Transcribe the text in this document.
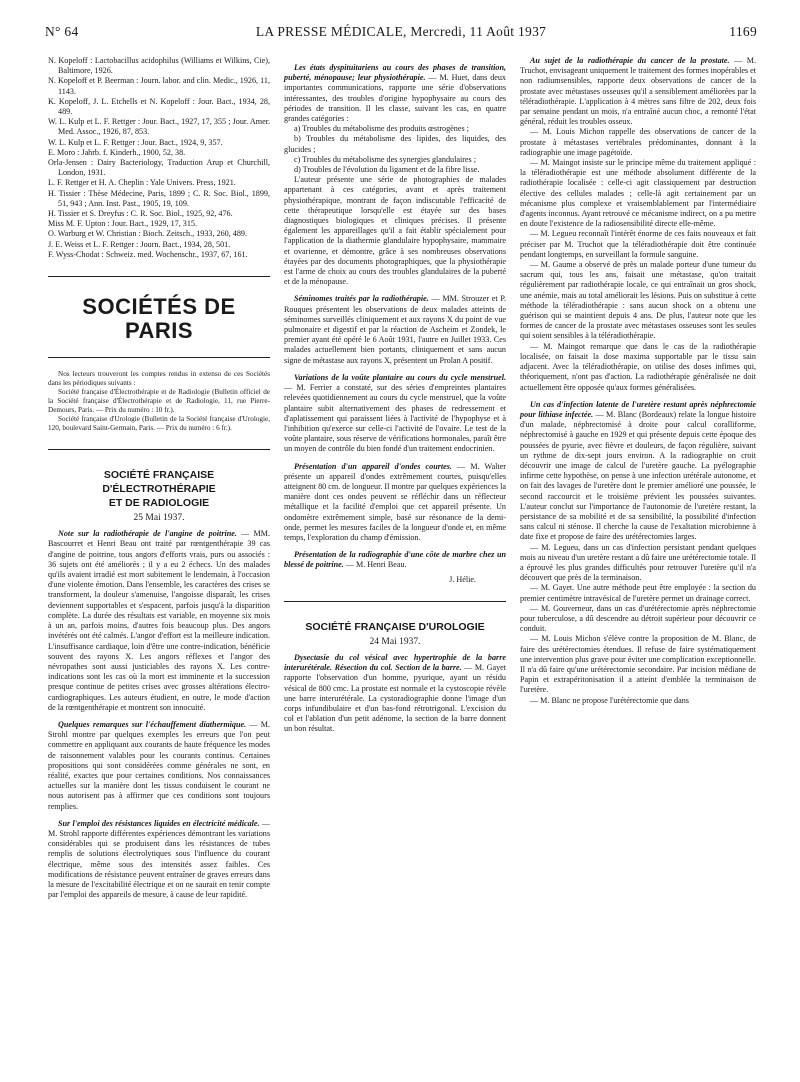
N° 64	LA PRESSE MÉDICALE, Mercredi, 11 Août 1937	1169

N. Kopeloff : Lactobacillus acidophilus (Williams et Wilkins, Cie), Baltimore, 1926.

N. Kopeloff et P. Beerman : Journ. labor. and clin. Medic., 1926, 11, 1143.

K. Kopeloff, J. L. Etchells et N. Kopeloff : Jour. Bact., 1934, 28, 489.

W. L. Kulp et L. F. Rettger : Jour. Bact., 1927, 17, 355 ; Jour. Amer. Med. Assoc., 1926, 87, 853.

W. L. Kulp et L. F. Rettger : Jour. Bact., 1924, 9, 357.

E. Moro : Jahrb. f. Kinderh., 1900, 52, 38.

Orla-Jensen : Dairy Bacteriology, Traduction Arup et Churchill, London, 1931.

L. F. Rettger et H. A. Cheplin : Yale Univers. Press, 1921.

H. Tissier : Thèse Médecine, Paris, 1899 ; C. R. Soc. Biol., 1899, 51, 943 ; Ann. Inst. Past., 1905, 19, 109.

H. Tissier et S. Dreyfus : C. R. Soc. Biol., 1925, 92, 476.

Miss M. F. Upton : Jour. Bact., 1929, 17, 315.

O. Warburg et W. Christian : Bioch. Zeitsch., 1933, 260, 489.

J. E. Weiss et L. F. Rettger : Journ. Bact., 1934, 28, 501.

F. Wyss-Chodat : Schweiz. med. Wochenschr., 1937, 67, 161.

SOCIÉTÉS DE PARIS

Nos lecteurs trouveront les comptes rendus in extenso de ces Sociétés dans les périodiques suivants :

Société française d'Électrothérapie et de Radiologie (Bulletin officiel de la Société française d'Électrothérapie et de Radiologie, 11, rue Pierre-Demours, Paris. — Prix du numéro : 10 fr.).

Société française d'Urologie (Bulletin de la Société française d'Urologie, 120, boulevard Saint-Germain, Paris. — Prix du numéro : 6 fr.).

SOCIÉTÉ FRANÇAISE D'ÉLECTROTHÉRAPIE

ET DE RADIOLOGIE

25 Mai 1937.

Note sur la radiothérapie de l'angine de poitrine. — MM. Bascourret et Henri Beau ont traité par rœntgenthérapie 39 cas d'angine de poitrine, tous angors d'efforts vrais, purs ou associés : 36 sujets ont été améliorés ; il y a eu 2 échecs. Un des malades qu'ils avaient irradié est mort subitement le lendemain, à l'occasion d'une violente émotion. Dans l'ensemble, les caractères des crises se transforment, la douleur s'amenuise, l'angoisse disparaît, les crises deviennent supportables et s'espacent, parfois jusqu'à la disparition complète. La durée des résultats est variable, en moyenne six mois à un an, parfois moins, d'autres fois beaucoup plus. Des angors invétérés ont été calmés. L'angor d'effort est la meilleure indication. L'insuffisance cardiaque, loin d'être une contre-indication, bénéficie souvent des rayons X. Les angors réflexes et l'angor des névropathes sont aussi justiciables des rayons X. Les contre-indications sont les cas où la mort est imminente et la succession presque continue de petites crises avec grosses altérations électro-cardiographiques. Les auteurs étudient, en outre, le mode d'action de la rœntgenthérapie et montrent son innocuité.

Quelques remarques sur l'échauffement diathermique. — M. Strohl montre par quelques exemples les erreurs que l'on peut commettre en appliquant aux courants de haute fréquence les modes de raisonnement valables pour les courants continus. Certaines propositions qui sont considérées comme générales ne sont, en réalité, exactes que pour certaines conditions. Nos connaissances actuelles sur la manière dont les tissus conduisent le courant ne nous autorisent pas à affirmer que ces conditions sont toujours remplies.

Sur l'emploi des résistances liquides en électricité médicale. — M. Strohl rapporte différentes expériences démontrant les variations considérables qui se produisent dans les résistances de tubes remplis de solutions électrolytiques sous l'influence du courant électrique, même sous des intensités assez faibles. Ces modifications de résistance peuvent entraîner de graves erreurs dans la mesure de l'excitabilité électrique et on ne saurait en tenir compte par l'emploi des appareils de mesure, à cause de leur rapidité.

Les états dyspituitariens au cours des phases de transition, puberté, ménopause; leur physiothérapie. — M. Huet, dans deux importantes communications, rapporte une série d'observations intéressantes, des troubles d'origine hypophysaire au cours des périodes de transition. Il les classe, suivant les cas, en quatre grandes catégories :

a) Troubles du métabolisme des produits œstrogènes ;

b) Troubles du métabolisme des lipides, des liquides, des glucides ;

c) Troubles du métabolisme des synergies glandulaires ;

d) Troubles de l'évolution du ligament et de la fibre lisse.

L'auteur présente une série de photographies de malades appartenant à ces catégories, avant et après traitement physiothérapique, montrant de façon indiscutable l'efficacité de cette thérapeutique lorsqu'elle est étayée sur des bases diagnostiques biologiques et cliniques précises. Il présente également les appareillages qu'il a fait établir spécialement pour l'application de la diathermie glandulaire hypophysaire, mammaire et ovarienne, et démontre, grâce à ses nombreuses observations étayées par des documents photographiques, que la physiothérapie est l'arme de choix au cours des troubles glandulaires de la puberté et de la ménopause.

Séminomes traités par la radiothérapie. — MM. Strouzer et P. Rouques présentent les observations de deux malades atteints de séminomes surveillés cliniquement et aux rayons X du point de vue pulmonaire et digestif et par la réaction de Ascheim et Zondek, le premier ayant été opéré le 6 Août 1931, l'autre en Juillet 1933. Ces malades actuellement bien portants, cliniquement et sans aucun signe de métastase aux rayons X, présentent un Prolan A positif.

Variations de la voûte plantaire au cours du cycle menstruel. — M. Ferrier a constaté, sur des séries d'empreintes plantaires relevées quotidiennement au cours du cycle menstruel, que la voûte plantaire subit alternativement des phases de redressement et d'aplatissement qui paraissent liées à l'activité de l'hypophyse et à l'inhibition qu'exerce sur celle-ci l'activité de l'ovaire. Le test de la voûte plantaire, sous réserve de vérifications hormonales, paraît être un moyen de contrôle du bien fondé d'un traitement endocrinien.

Présentation d'un appareil d'ondes courtes. — M. Walter présente un appareil d'ondes extrêmement courtes, puisqu'elles atteignent 80 cm. de longueur. Il montre par quelques expériences la manière dont ces ondes peuvent se réfléchir dans un réflecteur métallique et la facilité d'emploi que cet appareil présente. Un ondomètre extrêmement simple, basé sur résonance de la demi-onde, permet les mesures faciles de la longueur d'onde et, en même temps, l'exploration du champ d'émission.

Présentation de la radiographie d'une côte de marbre chez un blessé de poitrine. — M. Henri Beau.

J. Hélie.

SOCIÉTÉ FRANÇAISE D'UROLOGIE

24 Mai 1937.

Dysectasie du col vésical avec hypertrophie de la barre interurétérale. Résection du col. Section de la barre. — M. Gayet rapporte l'observation d'un homme, pyurique, ayant un résidu vésical de 800 cmc. La prostate est normale et la cystoscopie révèle une barre interurétérale. La cystoradiographie donne l'image d'un corps infundibulaire et d'un bas-fond rétrotrigonal. L'excision du col et l'ablation d'un petit adénome, la section de la barre donnent un bon résultat.

Au sujet de la radiothérapie du cancer de la prostate. — M. Truchot, envisageant uniquement le traitement des formes inopérables et non radiumsensibles, rapporte deux observations de cancer de la prostate avec métastases osseuses qu'il a sensiblement améliorées par la téléradiothérapie. L'application à 4 mètres sans filtre de 202, deux fois par semaine pendant un mois, n'a entraîné aucun choc, a remonté l'état général, réduit les troubles osseux.

— M. Louis Michon rappelle des observations de cancer de la prostate à métastases vertébrales prédominantes, donnant à la radiographie une image pagétoïde.

— M. Maingot insiste sur le principe même du traitement appliqué : la téléradiothérapie est une méthode absolument différente de la radiothérapie localisée : celle-ci agit classiquement par destruction élective des cellules malades ; celle-là agit certainement par un mécanisme plus complexe et vraisemblablement par l'intermédiaire d'agents inconnus. Ayant retrouvé ce mécanisme indirect, on a pu mettre en doute l'existence de la radiosensibilité directe elle-même.

— M. Legueu reconnaît l'intérêt énorme de ces faits nouveaux et fait préciser par M. Truchot que la téléradiothérapie doit être continuée pendant longtemps, en surveillant la formule sanguine.

— M. Gaume a observé de près un malade porteur d'une tumeur du sacrum qui, tous les ans, faisait une métastase, qu'on traitait régulièrement par radiothérapie locale, ce qui entraînait un gros shock, une anémie, mais au total améliorait les lésions. Puis on substitue à cette méthode la téléradiothérapie : sans aucun shock on a obtenu une guérison qui se maintient depuis 4 ans. De plus, l'auteur note que les formes de cancer de la prostate avec métastases osseuses sont les seules qui soient sensibles à la téléradiothérapie.

— M. Maingot remarque que dans le cas de la radiothérapie localisée, on faisait la dose maxima supportable par le tissu sain adjacent. Avec la téléradiothérapie, on utilise des doses infimes qui, théoriquement, n'ont pas d'action. La radiothérapie généralisée ne doit actuellement être opposée qu'aux formes généralisées.

Un cas d'infection latente de l'uretère restant après néphrectomie pour lithiase infectée. — M. Blanc (Bordeaux) relate la longue histoire d'un malade, néphrectomisé à droite pour calcul coralliforme, néphrectomisé à gauche en 1929 et qui présente depuis cette époque des poussées de pyurie, avec fièvre et douleurs, de façon régulière, suivant un rythme de dix-sept jours environ. A la radiographie on croit découvrir une image de calcul de l'uretère gauche. La pyélographie infirme cette hypothèse, on pense à une infection urétérale autonome, et on fait des lavages de l'uretère dont le premier amélioré une poussée, le second raccourcit et le troisième prévient les poussées suivantes. L'auteur conclut sur l'importance de l'autonomie de l'uretère restant, la persistance de sa mobilité et de sa sensibilité, la possibilité d'infection sans calcul ni sténose. Il cherche la cause de l'exaltation microbienne à date fixe et propose de faire des urétérectomies larges.

— M. Legueu, dans un cas d'infection persistant pendant quelques mois au niveau d'un uretère restant a dû faire une urétérectomie totale. Il a éprouvé les plus grandes difficultés pour retrouver l'uretère qu'il n'a découvert que près de la terminaison.

— M. Gayet. Une autre méthode peut être employée : la section du premier centimètre intravésical de l'uretère permet un drainage correct.

— M. Gouverneur, dans un cas d'urétérectomie après néphrectomie pour tuberculose, a dû descendre au détroit supérieur pour découvrir ce conduit.

— M. Louis Michon s'élève contre la proposition de M. Blanc, de faire des urétérectomies étendues. Il refuse de faire systématiquement une intervention plus grave pour éviter une complication exceptionnelle. Il n'a dû faire qu'une urétérectomie secondaire. Par incision médiane de Papin et extrapéritonisation il a atteint d'emblée la terminaison de l'uretère.

— M. Blanc ne propose l'urétérectomie que dans
